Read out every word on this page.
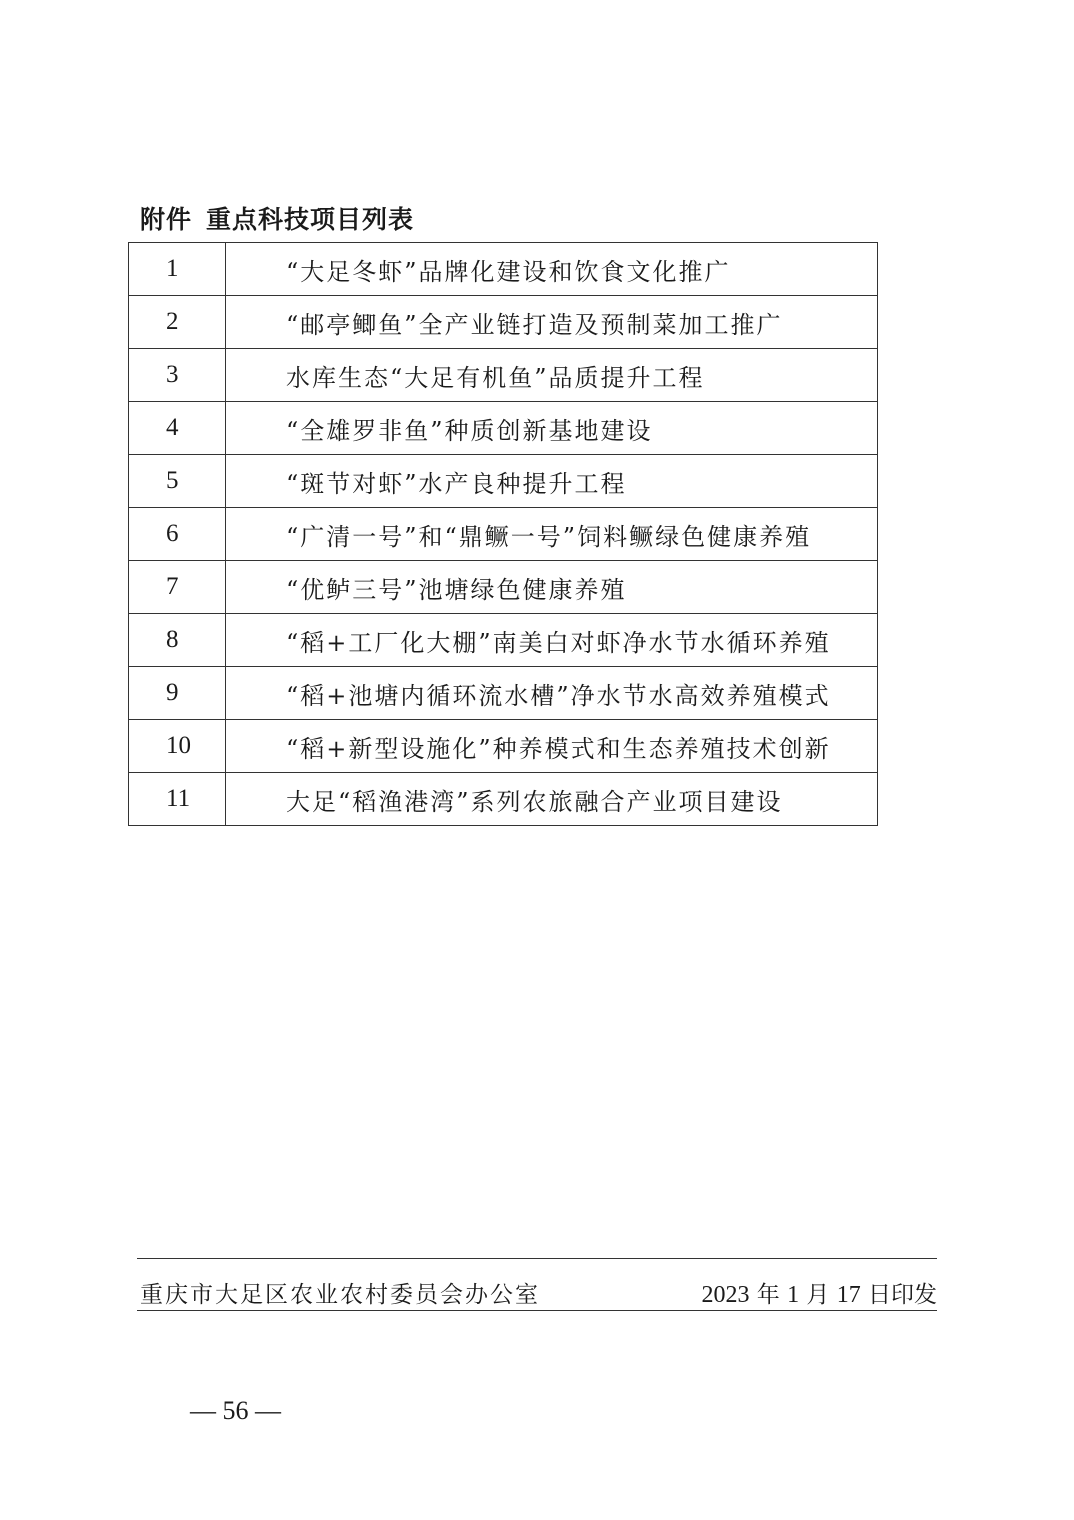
附件 重点科技项目列表
1	“大足冬虾”品牌化建设和饮食文化推广
2	“邮亭鲫鱼”全产业链打造及预制菜加工推广
3	水库生态“大足有机鱼”品质提升工程
4	“全雄罗非鱼”种质创新基地建设
5	“斑节对虾”水产良种提升工程
6	“广清一号”和“鼎鳜一号”饲料鳜绿色健康养殖
7	“优鲈三号”池塘绿色健康养殖
8	“稻+工厂化大棚”南美白对虾净水节水循环养殖
9	“稻+池塘内循环流水槽”净水节水高效养殖模式
10	“稻+新型设施化”种养模式和生态养殖技术创新
11	大足“稻渔港湾”系列农旅融合产业项目建设
重庆市大足区农业农村委员会办公室	2023 年 1 月 17 日印发
— 56 —
